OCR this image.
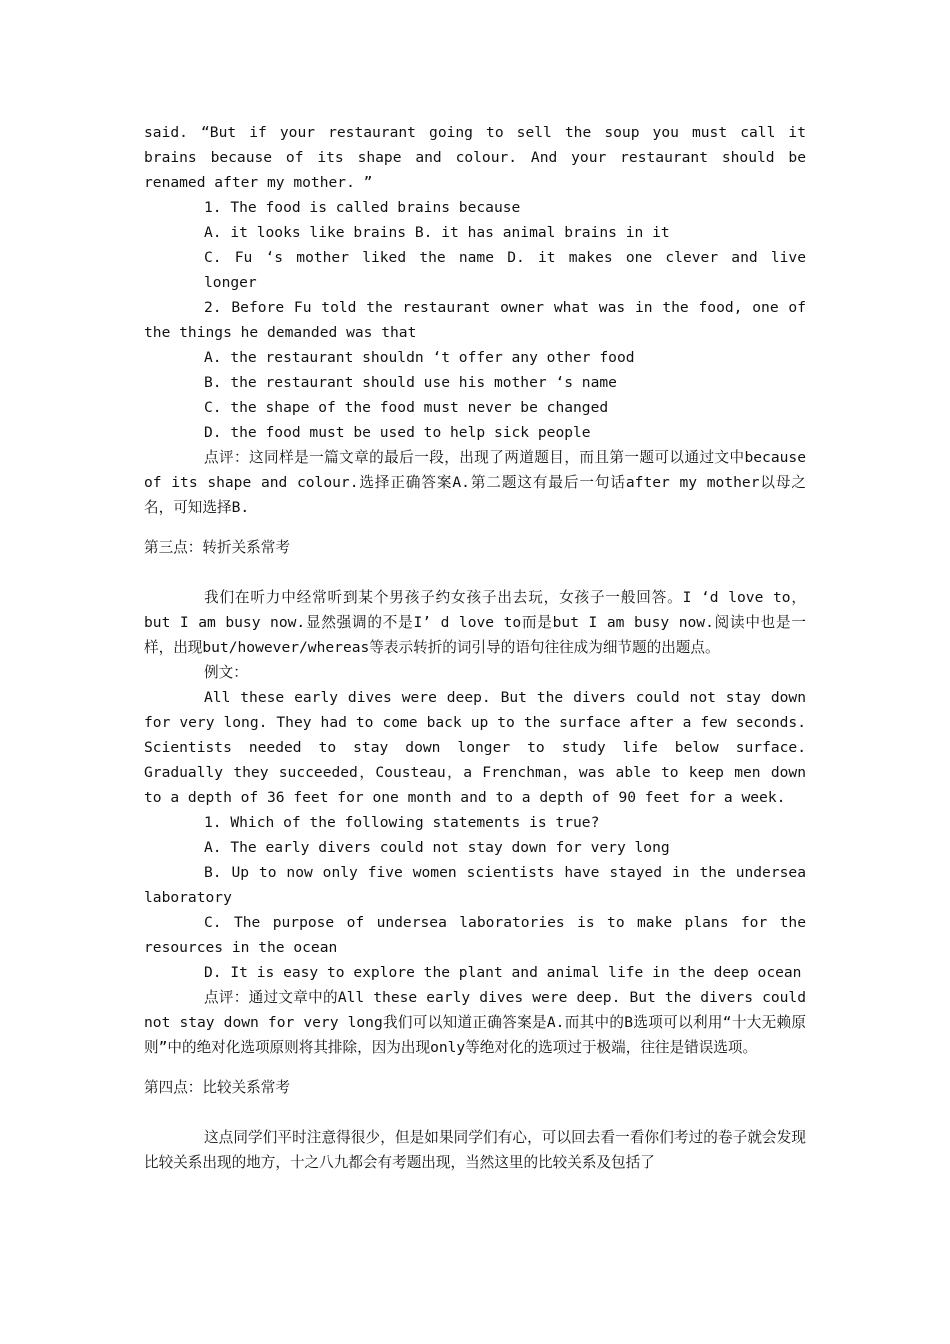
said. “But if your restaurant going to sell the soup you must call it brains because of its shape and colour. And your restaurant should be renamed after my mother. ”

1. The food is called brains because

A. it looks like brains B. it has animal brains in it

C. Fu ‘s mother liked the name D. it makes one clever and live longer

2. Before Fu told the restaurant owner what was in the food, one of the things he demanded was that

A. the restaurant shouldn ‘t offer any other food

B. the restaurant should use his mother ‘s name

C. the shape of the food must never be changed

D. the food must be used to help sick people

点评：这同样是一篇文章的最后一段，出现了两道题目，而且第一题可以通过文中because of its shape and colour.选择正确答案A.第二题这有最后一句话after my mother以母之名，可知选择B.

第三点：转折关系常考

我们在听力中经常听到某个男孩子约女孩子出去玩，女孩子一般回答。I ‘d love to， but I am busy now.显然强调的不是I’ d love to而是but I am busy now.阅读中也是一样，出现but/however/whereas等表示转折的词引导的语句往往成为细节题的出题点。

例文：

All these early dives were deep. But the divers could not stay down for very long. They had to come back up to the surface after a few seconds. Scientists needed to stay down longer to study life below surface. Gradually they succeeded，Cousteau，a Frenchman，was able to keep men down to a depth of 36 feet for one month and to a depth of 90 feet for a week.

1. Which of the following statements is true?

A. The early divers could not stay down for very long

B. Up to now only five women scientists have stayed in the undersea laboratory

C. The purpose of undersea laboratories is to make plans for the resources in the ocean

D. It is easy to explore the plant and animal life in the deep ocean

点评：通过文章中的All these early dives were deep. But the divers could not stay down for very long我们可以知道正确答案是A.而其中的B选项可以利用“十大无赖原则”中的绝对化选项原则将其排除，因为出现only等绝对化的选项过于极端，往往是错误选项。

第四点：比较关系常考

这点同学们平时注意得很少，但是如果同学们有心，可以回去看一看你们考过的卷子就会发现比较关系出现的地方，十之八九都会有考题出现，当然这里的比较关系及包括了
